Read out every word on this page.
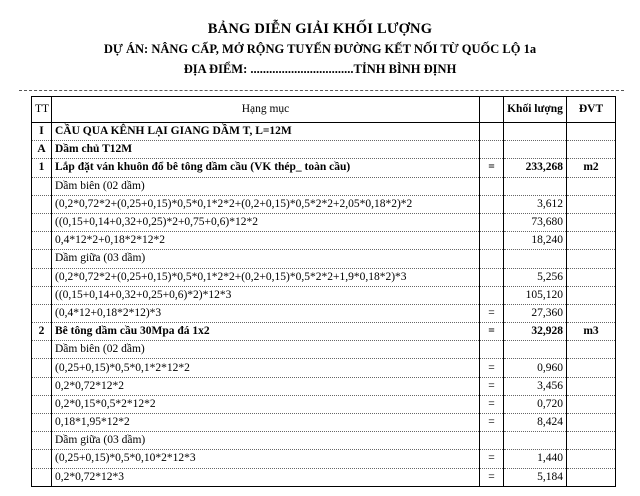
BẢNG DIỄN GIẢI KHỐI LƯỢNG
DỰ ÁN: NÂNG CẤP, MỞ RỘNG TUYẾN ĐƯỜNG KẾT NỐI TỪ QUỐC LỘ 1a
ĐỊA ĐIỂM: .................................TỈNH BÌNH ĐỊNH
TT	Hạng mục		Khối lượng	ĐVT
I	CẦU QUA KÊNH LẠI GIANG DẦM T, L=12M			
A	Dầm chủ T12M			
1	Lắp đặt ván khuôn đổ bê tông dầm cầu (VK thép_ toàn cầu)	=	233,268	m2
	Dầm biên (02 dầm)			
	(0,2*0,72*2+(0,25+0,15)*0,5*0,1*2*2+(0,2+0,15)*0,5*2*2+2,05*0,18*2)*2		3,612	
	((0,15+0,14+0,32+0,25)*2+0,75+0,6)*12*2		73,680	
	0,4*12*2+0,18*2*12*2		18,240	
	Dầm giữa (03 dầm)			
	(0,2*0,72*2+(0,25+0,15)*0,5*0,1*2*2+(0,2+0,15)*0,5*2*2+1,9*0,18*2)*3		5,256	
	((0,15+0,14+0,32+0,25+0,6)*2)*12*3		105,120	
	(0,4*12+0,18*2*12)*3	=	27,360	
2	Bê tông dầm cầu 30Mpa đá 1x2	=	32,928	m3
	Dầm biên (02 dầm)			
	(0,25+0,15)*0,5*0,1*2*12*2	=	0,960	
	0,2*0,72*12*2	=	3,456	
	0,2*0,15*0,5*2*12*2	=	0,720	
	0,18*1,95*12*2	=	8,424	
	Dầm giữa (03 dầm)			
	(0,25+0,15)*0,5*0,10*2*12*3	=	1,440	
	0,2*0,72*12*3	=	5,184	
